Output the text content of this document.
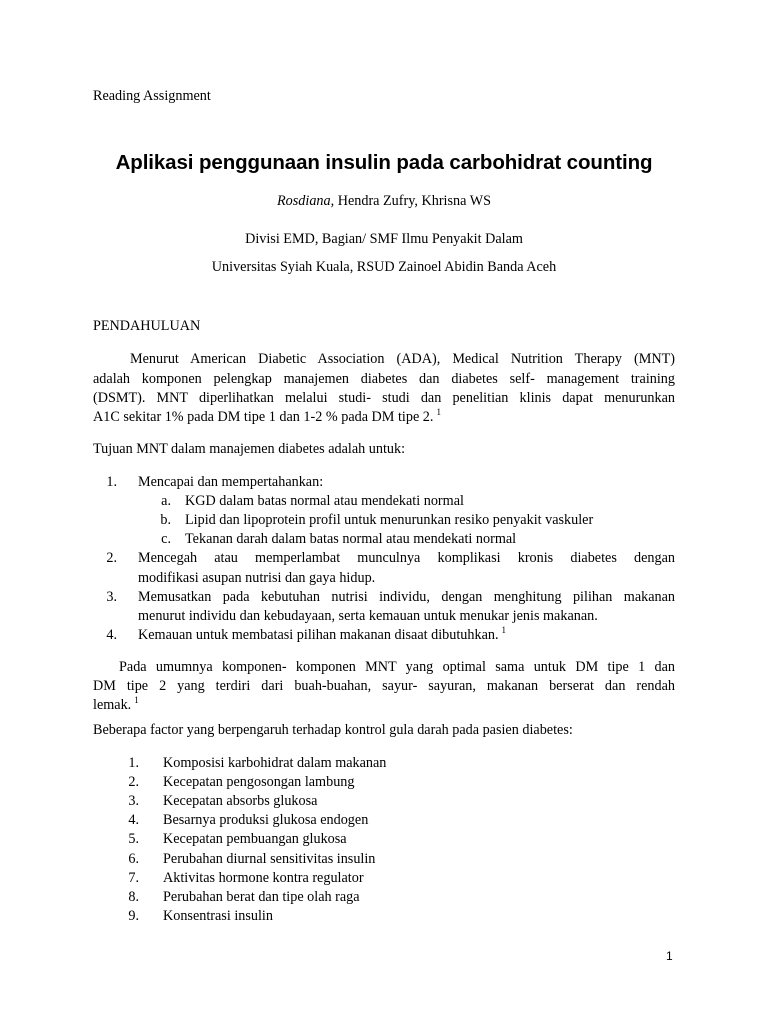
Reading Assignment
Aplikasi penggunaan insulin pada carbohidrat counting
Rosdiana, Hendra Zufry, Khrisna WS
Divisi EMD, Bagian/ SMF Ilmu Penyakit Dalam
Universitas Syiah Kuala, RSUD Zainoel Abidin Banda Aceh
PENDAHULUAN
Menurut American Diabetic Association (ADA), Medical Nutrition Therapy (MNT)
adalah komponen pelengkap manajemen diabetes dan diabetes self- management training
(DSMT). MNT diperlihatkan melalui studi- studi dan penelitian klinis dapat menurunkan
A1C sekitar 1% pada DM tipe 1 dan 1-2 % pada DM tipe 2. $^1$
Tujuan MNT dalam manajemen diabetes adalah untuk:
1. Mencapai dan mempertahankan:
a. KGD dalam batas normal atau mendekati normal
b. Lipid dan lipoprotein profil untuk menurunkan resiko penyakit vaskuler
c. Tekanan darah dalam batas normal atau mendekati normal
2. Mencegah atau memperlambat munculnya komplikasi kronis diabetes dengan
modifikasi asupan nutrisi dan gaya hidup.
3. Memusatkan pada kebutuhan nutrisi individu, dengan menghitung pilihan makanan
menurut individu dan kebudayaan, serta kemauan untuk menukar jenis makanan.
4. Kemauan untuk membatasi pilihan makanan disaat dibutuhkan. $^1$
Pada umumnya komponen- komponen MNT yang optimal sama untuk DM tipe 1 dan
DM tipe 2 yang terdiri dari buah-buahan, sayur- sayuran, makanan berserat dan rendah
lemak. $^1$
Beberapa factor yang berpengaruh terhadap kontrol gula darah pada pasien diabetes:
1. Komposisi karbohidrat dalam makanan
2. Kecepatan pengosongan lambung
3. Kecepatan absorbs glukosa
4. Besarnya produksi glukosa endogen
5. Kecepatan pembuangan glukosa
6. Perubahan diurnal sensitivitas insulin
7. Aktivitas hormone kontra regulator
8. Perubahan berat dan tipe olah raga
9. Konsentrasi insulin
1
